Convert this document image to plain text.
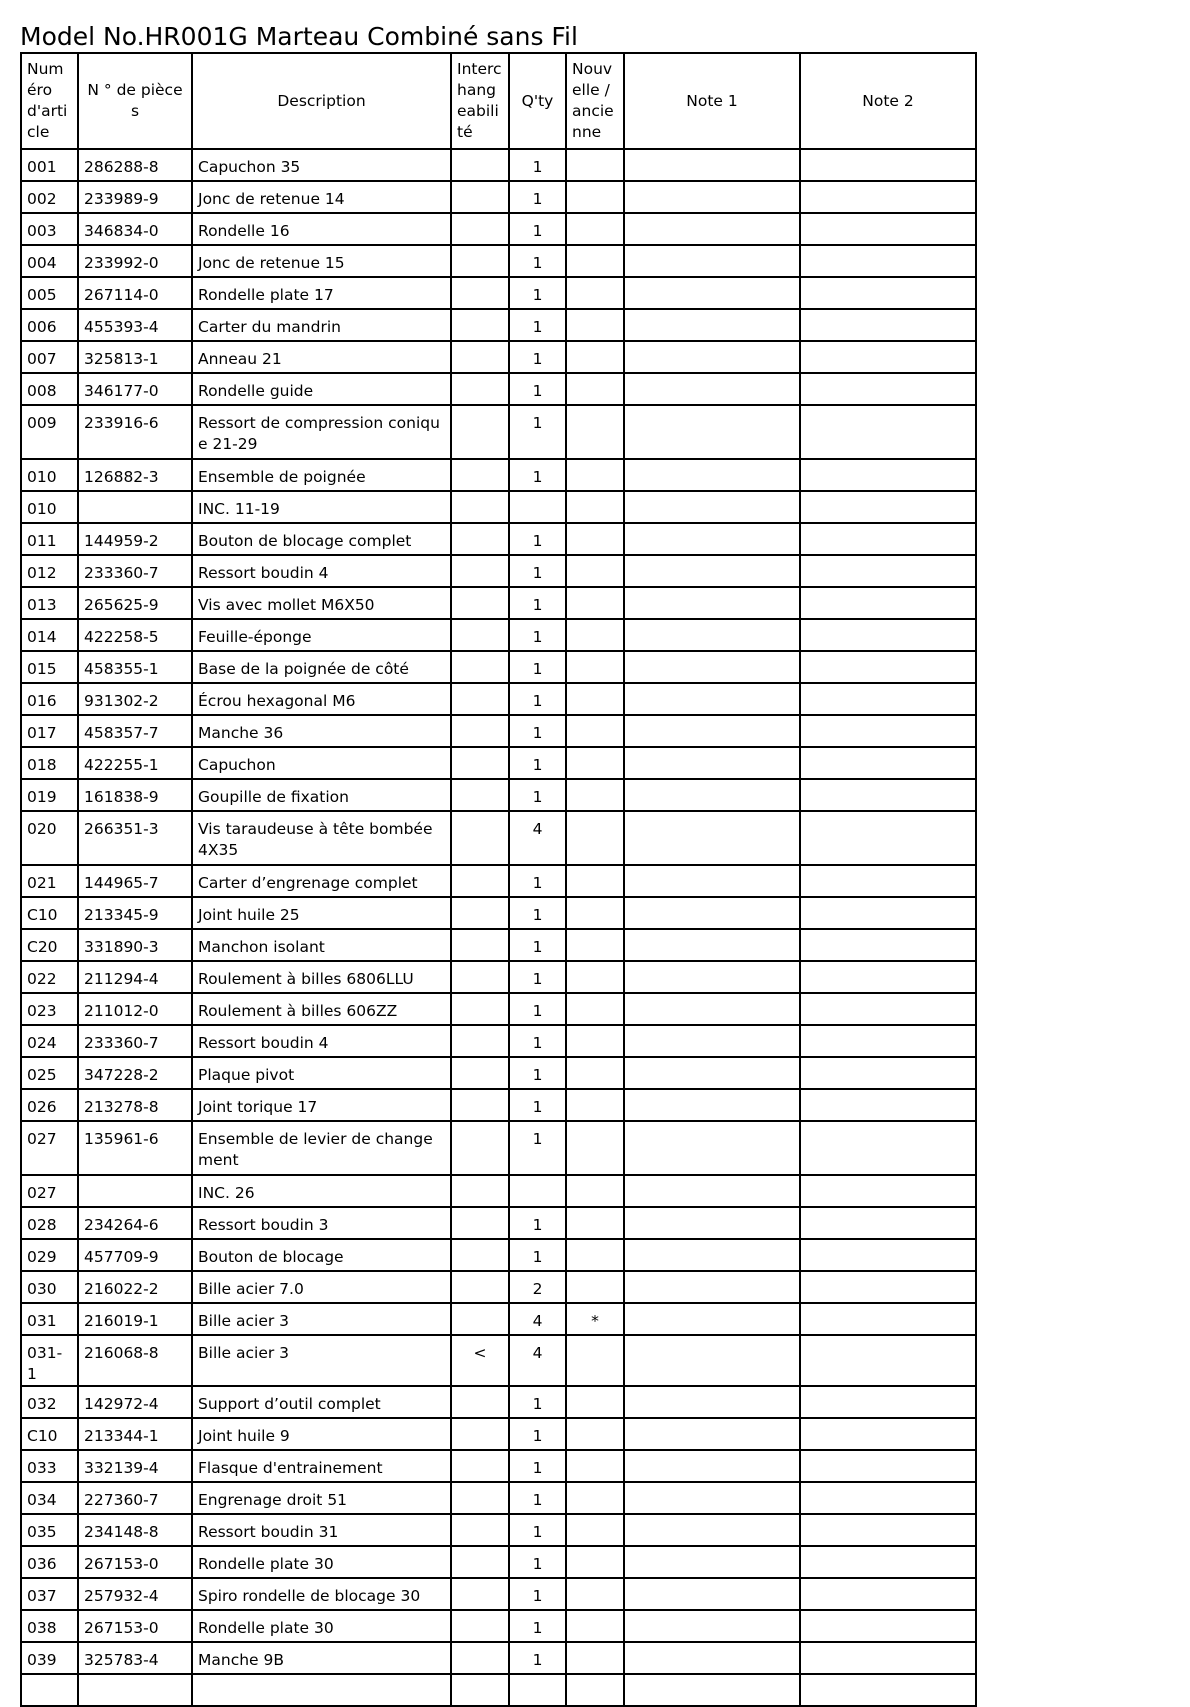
Model No.HR001G Marteau Combiné sans Fil
Numéro d'article	N ° de pièces	Description	Interchangeabilité	Q'ty	Nouvelle / ancienne	Note 1	Note 2
001	286288-8	Capuchon 35		1			
002	233989-9	Jonc de retenue 14		1			
003	346834-0	Rondelle 16		1			
004	233992-0	Jonc de retenue 15		1			
005	267114-0	Rondelle plate 17		1			
006	455393-4	Carter du mandrin		1			
007	325813-1	Anneau 21		1			
008	346177-0	Rondelle guide		1			
009	233916-6	Ressort de compression conique 21-29		1			
010	126882-3	Ensemble de poignée		1			
010		INC. 11-19					
011	144959-2	Bouton de blocage complet		1			
012	233360-7	Ressort boudin 4		1			
013	265625-9	Vis avec mollet M6X50		1			
014	422258-5	Feuille-éponge		1			
015	458355-1	Base de la poignée de côté		1			
016	931302-2	Écrou hexagonal M6		1			
017	458357-7	Manche 36		1			
018	422255-1	Capuchon		1			
019	161838-9	Goupille de fixation		1			
020	266351-3	Vis taraudeuse à tête bombée 4X35		4			
021	144965-7	Carter d’engrenage complet		1			
C10	213345-9	Joint huile 25		1			
C20	331890-3	Manchon isolant		1			
022	211294-4	Roulement à billes 6806LLU		1			
023	211012-0	Roulement à billes 606ZZ		1			
024	233360-7	Ressort boudin 4		1			
025	347228-2	Plaque pivot		1			
026	213278-8	Joint torique 17		1			
027	135961-6	Ensemble de levier de changement		1			
027		INC. 26					
028	234264-6	Ressort boudin 3		1			
029	457709-9	Bouton de blocage		1			
030	216022-2	Bille acier 7.0		2			
031	216019-1	Bille acier 3		4	*		
031-1	216068-8	Bille acier 3	<	4			
032	142972-4	Support d’outil complet		1			
C10	213344-1	Joint huile 9		1			
033	332139-4	Flasque d'entrainement		1			
034	227360-7	Engrenage droit 51		1			
035	234148-8	Ressort boudin 31		1			
036	267153-0	Rondelle plate 30		1			
037	257932-4	Spiro rondelle de blocage 30		1			
038	267153-0	Rondelle plate 30		1			
039	325783-4	Manche 9B		1			
